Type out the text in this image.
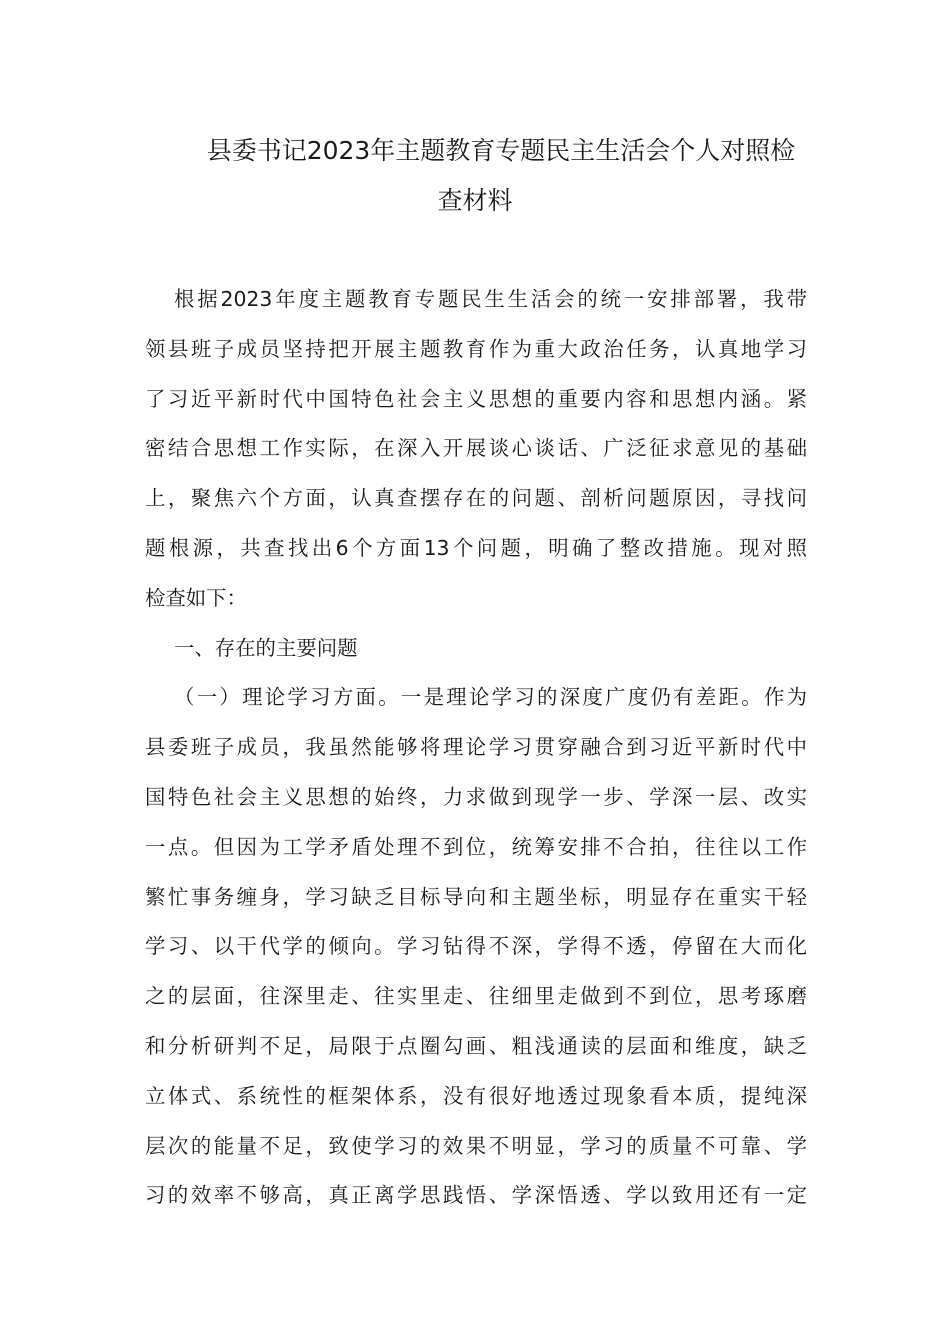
县委书记2023年主题教育专题民主生活会个人对照检
查材料
根据2023年度主题教育专题民生生活会的统一安排部署，我带
领县班子成员坚持把开展主题教育作为重大政治任务，认真地学习
了习近平新时代中国特色社会主义思想的重要内容和思想内涵。紧
密结合思想工作实际，在深入开展谈心谈话、广泛征求意见的基础
上，聚焦六个方面，认真查摆存在的问题、剖析问题原因，寻找问
题根源，共查找出6个方面13个问题，明确了整改措施。现对照
检查如下：
一、存在的主要问题
（一）理论学习方面。一是理论学习的深度广度仍有差距。作为
县委班子成员，我虽然能够将理论学习贯穿融合到习近平新时代中
国特色社会主义思想的始终，力求做到现学一步、学深一层、改实
一点。但因为工学矛盾处理不到位，统筹安排不合拍，往往以工作
繁忙事务缠身，学习缺乏目标导向和主题坐标，明显存在重实干轻
学习、以干代学的倾向。学习钻得不深，学得不透，停留在大而化
之的层面，往深里走、往实里走、往细里走做到不到位，思考琢磨
和分析研判不足，局限于点圈勾画、粗浅通读的层面和维度，缺乏
立体式、系统性的框架体系，没有很好地透过现象看本质，提纯深
层次的能量不足，致使学习的效果不明显，学习的质量不可靠、学
习的效率不够高，真正离学思践悟、学深悟透、学以致用还有一定
